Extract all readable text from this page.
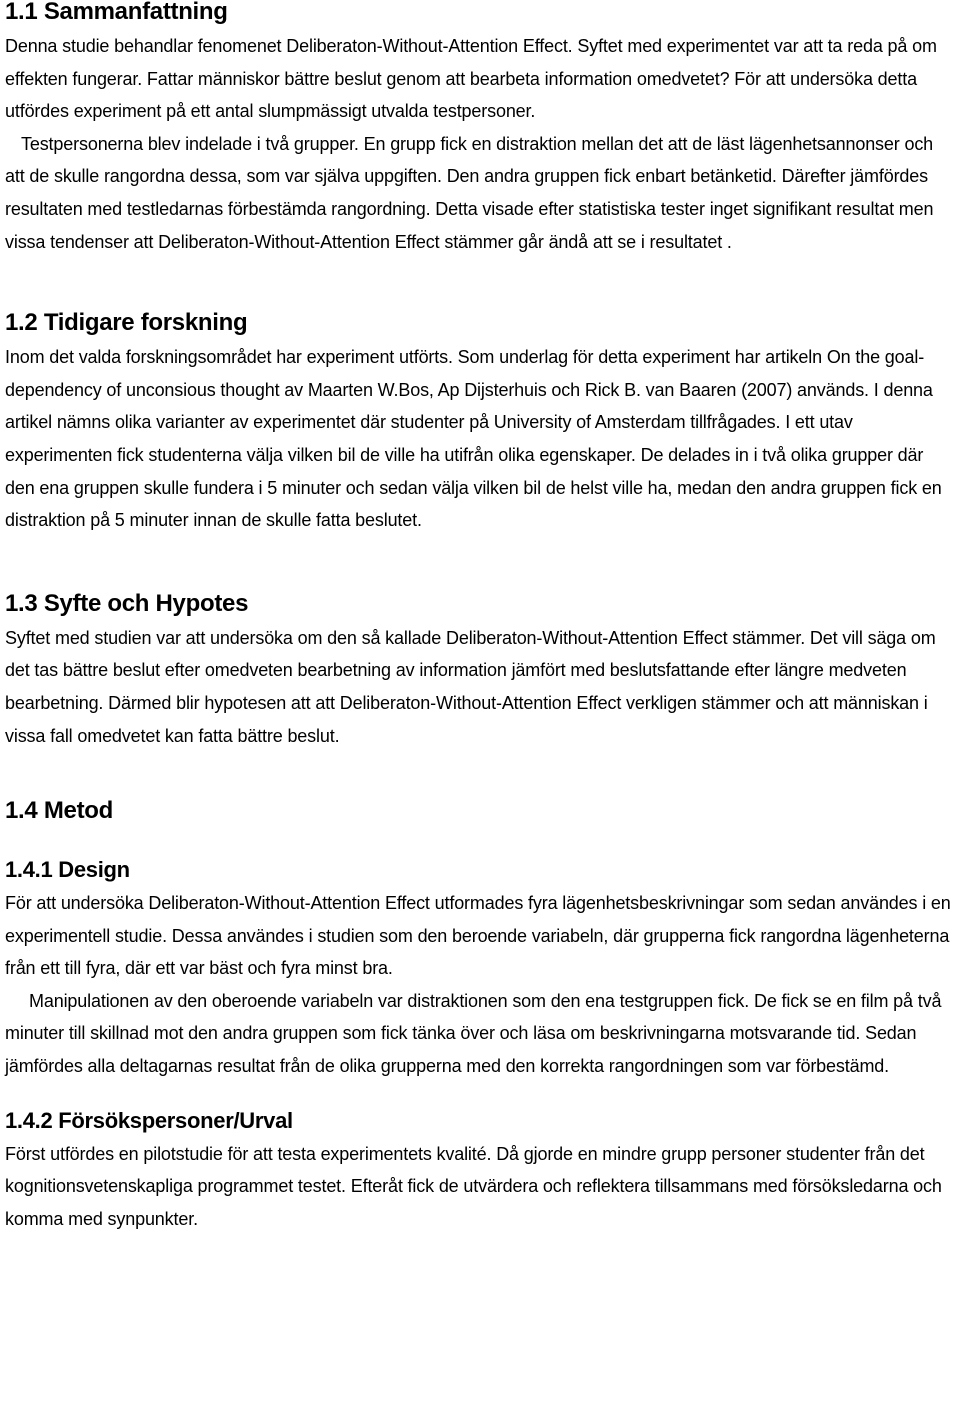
1.1 Sammanfattning

Denna studie behandlar fenomenet Deliberaton-Without-Attention Effect. Syftet med experimentet var att ta reda på om effekten fungerar. Fattar människor bättre beslut genom att bearbeta information omedvetet? För att undersöka detta utfördes experiment på ett antal slumpmässigt utvalda testpersoner.

Testpersonerna blev indelade i två grupper. En grupp fick en distraktion mellan det att de läst lägenhetsannonser och att de skulle rangordna dessa, som var själva uppgiften. Den andra gruppen fick enbart betänketid. Därefter jämfördes resultaten med testledarnas förbestämda rangordning. Detta visade efter statistiska tester inget signifikant resultat men vissa tendenser att Deliberaton-Without-Attention Effect stämmer går ändå att se i resultatet .

1.2 Tidigare forskning

Inom det valda forskningsområdet har experiment utförts. Som underlag för detta experiment har artikeln On the goal-dependency of unconsious thought av Maarten W.Bos, Ap Dijsterhuis och Rick B. van Baaren (2007) används. I denna artikel nämns olika varianter av experimentet där studenter på University of Amsterdam tillfrågades. I ett utav experimenten fick studenterna välja vilken bil de ville ha utifrån olika egenskaper. De delades in i två olika grupper där den ena gruppen skulle fundera i 5 minuter och sedan välja vilken bil de helst ville ha, medan den andra gruppen fick en distraktion på 5 minuter innan de skulle fatta beslutet.

1.3 Syfte och Hypotes

Syftet med studien var att undersöka om den så kallade Deliberaton-Without-Attention Effect stämmer. Det vill säga om det tas bättre beslut efter omedveten bearbetning av information jämfört med beslutsfattande efter längre medveten bearbetning. Därmed blir hypotesen att att Deliberaton-Without-Attention Effect verkligen stämmer och att människan i vissa fall omedvetet kan fatta bättre beslut.

1.4 Metod
1.4.1 Design

För att undersöka Deliberaton-Without-Attention Effect utformades fyra lägenhetsbeskrivningar som sedan användes i en experimentell studie. Dessa användes i studien som den beroende variabeln, där gruppernа fick rangordna lägenheterna från ett till fyra, där ett var bäst och fyra minst bra.

Manipulationen av den oberoende variabeln var distraktionen som den ena testgruppen fick. De fick se en film på två minuter till skillnad mot den andra gruppen som fick tänka över och läsa om beskrivningarna motsvarande tid. Sedan jämfördes alla deltagarnas resultat från de olika grupperna med den korrekta rangordningen som var förbestämd.

1.4.2 Försökspersoner/Urval

Först utfördes en pilotstudie för att testa experimentets kvalité. Då gjorde en mindre grupp personer studenter från det kognitionsvetenskapliga programmet testet. Efteråt fick de utvärdera och reflektera tillsammans med försöksledarna och komma med synpunkter.
